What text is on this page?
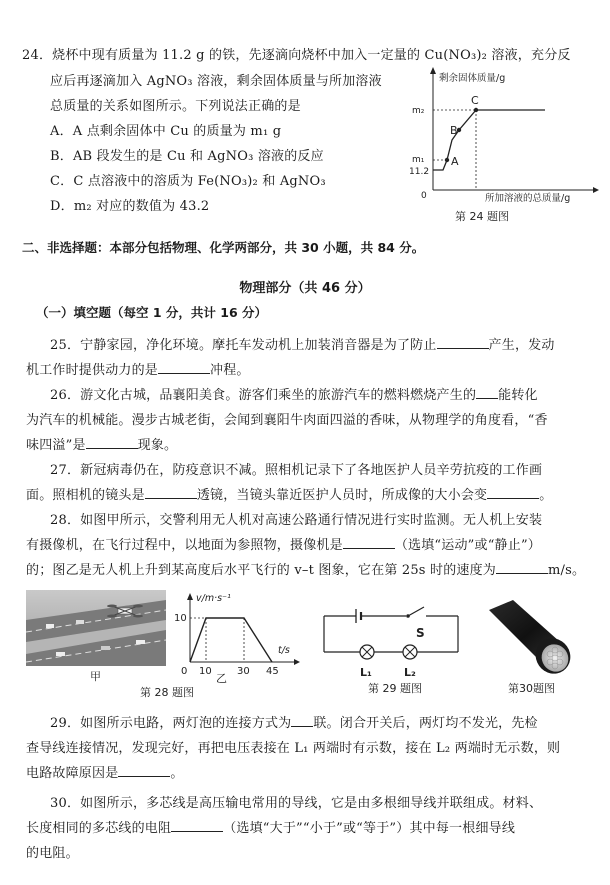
24．烧杯中现有质量为 11.2 g 的铁，先逐滴向烧杯中加入一定量的 Cu(NO₃)₂ 溶液，充分反
应后再逐滴加入 AgNO₃ 溶液，剩余固体质量与所加溶液
总质量的关系如图所示。下列说法正确的是
A．A 点剩余固体中 Cu 的质量为 m₁ g
B．AB 段发生的是 Cu 和 AgNO₃ 溶液的反应
C．C 点溶液中的溶质为 Fe(NO₃)₂ 和 AgNO₃
D．m₂ 对应的数值为 43.2
剩余固体质量/g
所加溶液的总质量/g
A
B
C
m₂
m₁
11.2
0
第 24 题图
二、非选择题：本部分包括物理、化学两部分，共 30 小题，共 84 分。
物理部分（共 46 分）
（一）填空题（每空 1 分，共计 16 分）
25．宁静家园，净化环境。摩托车发动机上加装消音器是为了防止	产生，发动
机工作时提供动力的是	冲程。
26．游文化古城，品襄阳美食。游客们乘坐的旅游汽车的燃料燃烧产生的 能转化
为汽车的机械能。漫步古城老街，会闻到襄阳牛肉面四溢的香味，从物理学的角度看，“香
味四溢”是	现象。
27．新冠病毒仍在，防疫意识不减。照相机记录下了各地医护人员辛劳抗疫的工作画
面。照相机的镜头是	透镜，当镜头靠近医护人员时，所成像的大小会变	。
28．如图甲所示，交警利用无人机对高速公路通行情况进行实时监测。无人机上安装
有摄像机，在飞行过程中，以地面为参照物，摄像机是	（选填“运动”或“静止”）
的；图乙是无人机上升到某高度后水平飞行的 v–t 图象，它在第 25s 时的速度为	m/s。
甲
第 28 题图
v/m·s⁻¹
t/s
10
0 10	30 45
乙
S
L₁	L₂
第 29 题图	第30题图
29．如图所示电路，两灯泡的连接方式为 联。闭合开关后，两灯均不发光，先检
查导线连接情况，发现完好，再把电压表接在 L₁ 两端时有示数，接在 L₂ 两端时无示数，则
电路故障原因是	。
30．如图所示，多芯线是高压输电常用的导线，它是由多根细导线并联组成。材料、
长度相同的多芯线的电阻	（选填“大于”“小于”或“等于”）其中每一根细导线
的电阻。
